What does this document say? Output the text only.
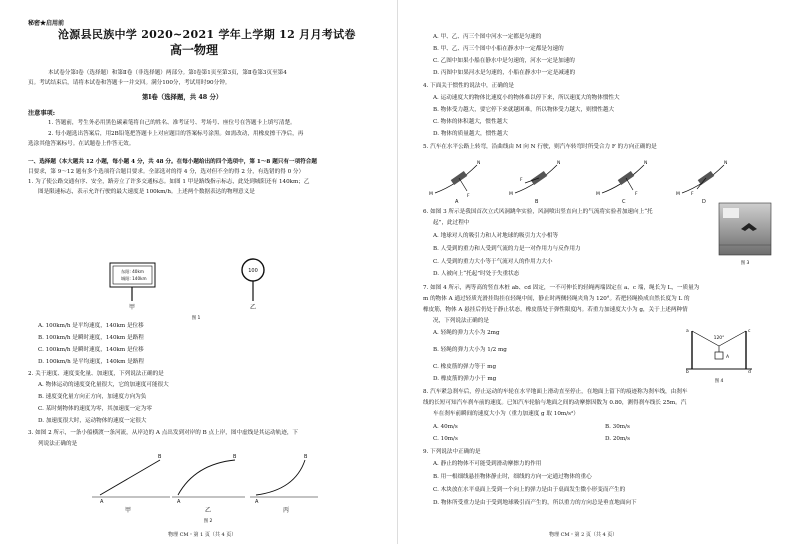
秘密★启用前
沧源县民族中学 2020~2021 学年上学期 12 月月考试卷
高一物理
本试卷分第Ⅰ卷（选择题）和第Ⅱ卷（非选择题）两部分。第Ⅰ卷第1页至第3页，第Ⅱ卷第3页至第4
页。考试结束后，请将本试卷和答题卡一并交回。满分100分，考试用时90分钟。
第Ⅰ卷（选择题，共 48 分）
注意事项:
1. 答题前，考生务必用黑色碳素笔将自己的姓名、准考证号、考场号、座位号在答题卡上填写清楚。
2. 每小题选出答案后，用2B铅笔把答题卡上对应题目的答案标号涂黑。如需改动，用橡皮擦干净后，再
选涂其他答案标号。在试题卷上作答无效。
一、选择题（本大题共 12 小题，每小题 4 分，共 48 分。在每小题给出的四个选项中，第 1～8 题只有一项符合题
目要求，第 9～12 题有多个选项符合题目要求。全部选对的得 4 分，选对但不全的得 2 分，有选错的得 0 分）
1. 为了使公路交通有序、安全，路旁立了许多交通标志。如图 1 甲是路线指示标志，此处到城阳还有 140km；乙
图是限速标志，表示允许行驶的最大速度是 100km/h。上述两个数据表达的物理意义是
东阳: 40km
城阳: 140km
100
甲	乙
图 1
A. 100km/h 是平均速度，140km 是位移
B. 100km/h 是瞬时速度，140km 是路程
C. 100km/h 是瞬时速度，140km 是位移
D. 100km/h 是平均速度，140km 是路程
2. 关于速度、速度变化量、加速度，下列说法正确的是
A. 物体运动的速度变化量很大，它的加速度可能很大
B. 速度变化量方向正方向，加速度方向为负
C. 某时刻物体的速度为零，其加速度一定为零
D. 加速度很大时，运动物体的速度一定很大
3. 如图 2 所示，一条小船横渡一条河流，从岸边的 A 点出发到对岸的 B 点上岸，图中虚线是其运动轨迹，下
列说法正确的是
A
B
甲
A
B
乙
A
B
丙
图 2
物理 CM・第 1 页（共 4 页）
A. 甲、乙、丙三个图中河水一定都是匀速的
B. 甲、乙、丙三个图中小船在静水中一定都是匀速的
C. 乙图中如果小船在静水中是匀速的，河水一定是加速的
D. 丙图中如果河水是匀速的，小船在静水中一定是减速的
4. 下面关于惯性的说法中，正确的是
A. 运动速度大的物体比速度小的物体难以停下来，所以速度大的物体惯性大
B. 物体受力越大，要它停下来就越困难，所以物体受力越大，则惯性越大
C. 物体的体积越大，惯性越大
D. 物体的质量越大，惯性越大
5. 汽车在水平公路上转弯，沿曲线由 M 向 N 行驶，则汽车转弯时所受合力 F 的方向正确的是
M
N
F
A
M
N
F
B
M
N
F
C
M
N
F
D
6. 如图 3 所示是我国首次立式风洞跳伞实验，风洞喷出竖直向上的气流将实验者加速向上“托
起”，此过程中
A. 地球对人的吸引力和人对地球的吸引力大小相等
B. 人受到的重力和人受到气流的力是一对作用力与反作用力
C. 人受到的重力大小等于气流对人的作用力大小
D. 人被向上“托起”时处于失重状态
图 3
7. 如图 4 所示，两等高的竖直木桩 ab、cd 固定，一不可伸长的轻绳两端固定在 a、c 端，绳长为 L，一质量为
m 的物体 A 通过轻质光滑挂钩挂在轻绳中间，静止时两侧轻绳夹角为 120°。若把轻绳换成自然长度为 L 的
橡皮筋，物体 A 悬挂后仍处于静止状态，橡皮筋处于弹性限度内。若重力加速度大小为 g，关于上述两种情
况，下列说法正确的是
A. 轻绳的弹力大小为 2mg
B. 轻绳的弹力大小为 1/2 mg
C. 橡皮筋的弹力等于 mg
D. 橡皮筋的弹力小于 mg
120°
a
b
c
d
A
图 4
8. 汽车紧急刹车后，停止运动的车轮在水平地面上滑动直至停止，在地面上留下的痕迹称为刹车线，由刹车
线的长短可知汽车刹车前的速度。已知汽车轮胎与地面之间的动摩擦因数为 0.80，测得刹车线长 25m。汽
车在刹车前瞬间的速度大小为（重力加速度 g 取 10m/s²）
A. 40m/s	B. 30m/s
C. 10m/s	D. 20m/s
9. 下列说法中正确的是
A. 静止的物体不可能受到滑动摩擦力的作用
B. 用一根细线悬挂物体静止时，细线的方向一定通过物体的重心
C. 木块放在水平桌面上受到一个向上的弹力是由于桌面发生微小形变而产生的
D. 物体所受重力是由于受到地球吸引而产生的，所以重力的方向总是垂直地面向下
物理 CM・第 2 页（共 4 页）
